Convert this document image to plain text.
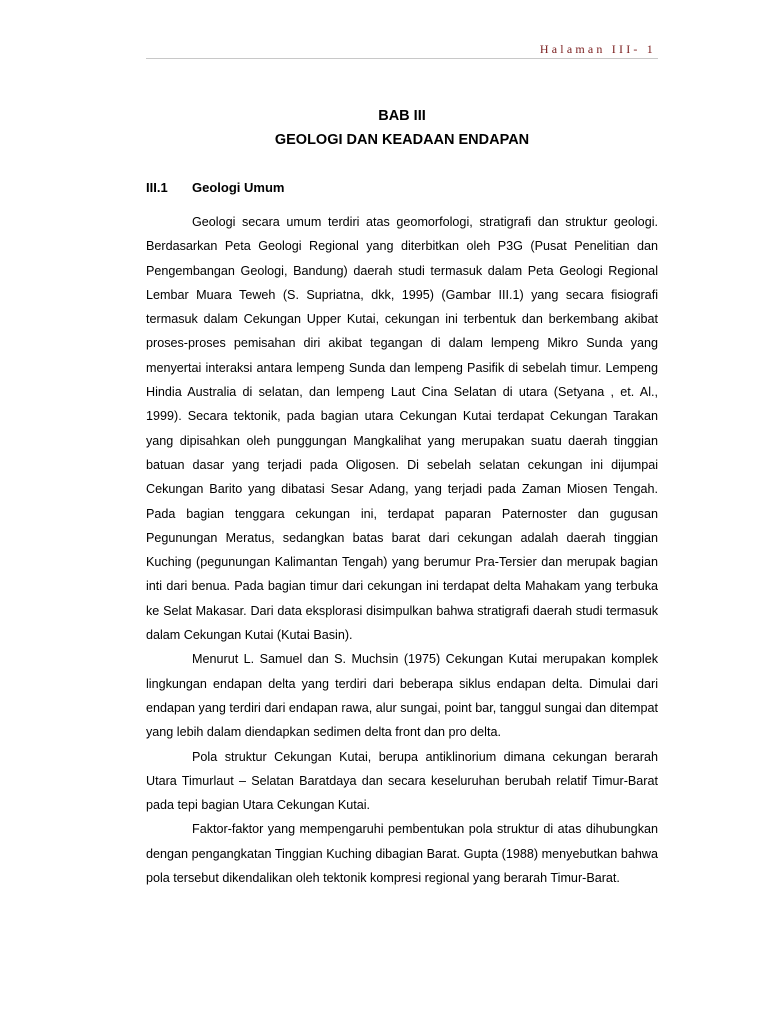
Halaman III- 1
BAB III
GEOLOGI DAN KEADAAN ENDAPAN
III.1 Geologi Umum

Geologi secara umum terdiri atas geomorfologi, stratigrafi dan struktur geologi. Berdasarkan Peta Geologi Regional yang diterbitkan oleh P3G (Pusat Penelitian dan Pengembangan Geologi, Bandung) daerah studi termasuk dalam Peta Geologi Regional Lembar Muara Teweh (S. Supriatna, dkk, 1995) (Gambar III.1) yang secara fisiografi termasuk dalam Cekungan Upper Kutai, cekungan ini terbentuk dan berkembang akibat proses-proses pemisahan diri akibat tegangan di dalam lempeng Mikro Sunda yang menyertai interaksi antara lempeng Sunda dan lempeng Pasifik di sebelah timur. Lempeng Hindia Australia di selatan, dan lempeng Laut Cina Selatan di utara (Setyana , et. Al., 1999). Secara tektonik, pada bagian utara Cekungan Kutai terdapat Cekungan Tarakan yang dipisahkan oleh punggungan Mangkalihat yang merupakan suatu daerah tinggian batuan dasar yang terjadi pada Oligosen. Di sebelah selatan cekungan ini dijumpai Cekungan Barito yang dibatasi Sesar Adang, yang terjadi pada Zaman Miosen Tengah. Pada bagian tenggara cekungan ini, terdapat paparan Paternoster dan gugusan Pegunungan Meratus, sedangkan batas barat dari cekungan adalah daerah tinggian Kuching (pegunungan Kalimantan Tengah) yang berumur Pra-Tersier dan merupak bagian inti dari benua. Pada bagian timur dari cekungan ini terdapat delta Mahakam yang terbuka ke Selat Makasar. Dari data eksplorasi disimpulkan bahwa stratigrafi daerah studi termasuk dalam Cekungan Kutai (Kutai Basin).

Menurut L. Samuel dan S. Muchsin (1975) Cekungan Kutai merupakan komplek lingkungan endapan delta yang terdiri dari beberapa siklus endapan delta. Dimulai dari endapan yang terdiri dari endapan rawa, alur sungai, point bar, tanggul sungai dan ditempat yang lebih dalam diendapkan sedimen delta front dan pro delta.

Pola struktur Cekungan Kutai, berupa antiklinorium dimana cekungan berarah Utara Timurlaut – Selatan Baratdaya dan secara keseluruhan berubah relatif Timur-Barat pada tepi bagian Utara Cekungan Kutai.

Faktor-faktor yang mempengaruhi pembentukan pola struktur di atas dihubungkan dengan pengangkatan Tinggian Kuching dibagian Barat. Gupta (1988) menyebutkan bahwa pola tersebut dikendalikan oleh tektonik kompresi regional yang berarah Timur-Barat.
